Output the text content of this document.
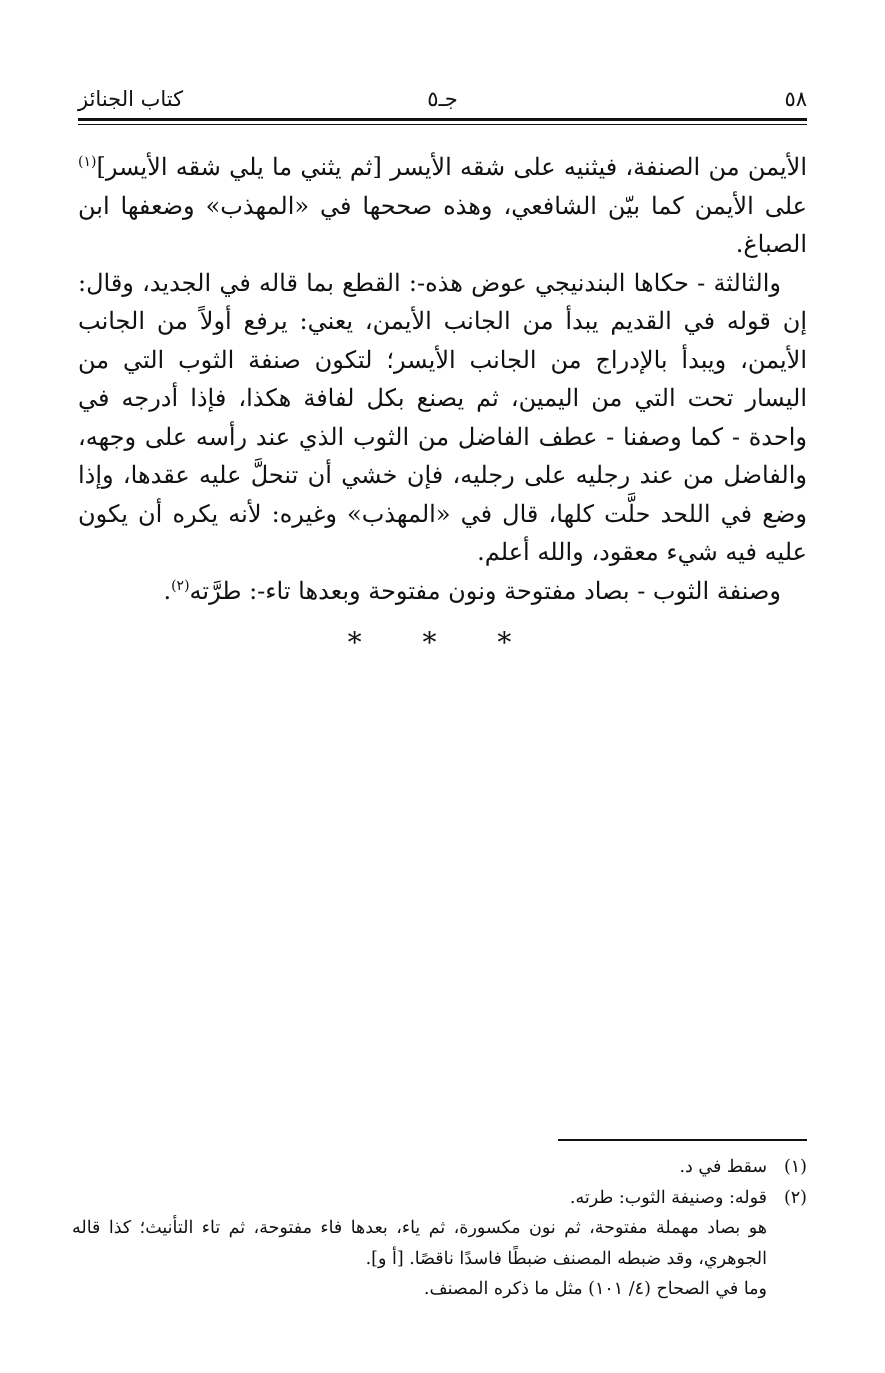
٥٨
جـ٥
كتاب الجنائز

الأيمن من الصنفة، فيثنيه على شقه الأيسر [ثم يثني ما يلي شقه الأيسر]$^{(١)}$ على الأيمن كما بيّن الشافعي، وهذه صححها في «المهذب» وضعفها ابن الصباغ.

والثالثة - حكاها البندنيجي عوض هذه-: القطع بما قاله في الجديد، وقال: إن قوله في القديم يبدأ من الجانب الأيمن، يعني: يرفع أولاً من الجانب الأيمن، ويبدأ بالإدراج من الجانب الأيسر؛ لتكون صنفة الثوب التي من اليسار تحت التي من اليمين، ثم يصنع بكل لفافة هكذا، فإذا أدرجه في واحدة - كما وصفنا - عطف الفاضل من الثوب الذي عند رأسه على وجهه، والفاضل من عند رجليه على رجليه، فإن خشي أن تنحلَّ عليه عقدها، وإذا وضع في اللحد حلَّت كلها، قال في «المهذب» وغيره: لأنه يكره أن يكون عليه فيه شيء معقود، والله أعلم.

وصنفة الثوب - بصاد مفتوحة ونون مفتوحة وبعدها تاء-: طرَّته$^{(٢)}$.

* * *
(١)
سقط في د.
(٢)
قوله: وصنيفة الثوب: طرته.

هو بصاد مهملة مفتوحة، ثم نون مكسورة، ثم ياء، بعدها فاء مفتوحة، ثم تاء التأنيث؛ كذا قاله الجوهري، وقد ضبطه المصنف ضبطًا فاسدًا ناقصًا. [أ و].

وما في الصحاح (٤/ ١٠١) مثل ما ذكره المصنف.
